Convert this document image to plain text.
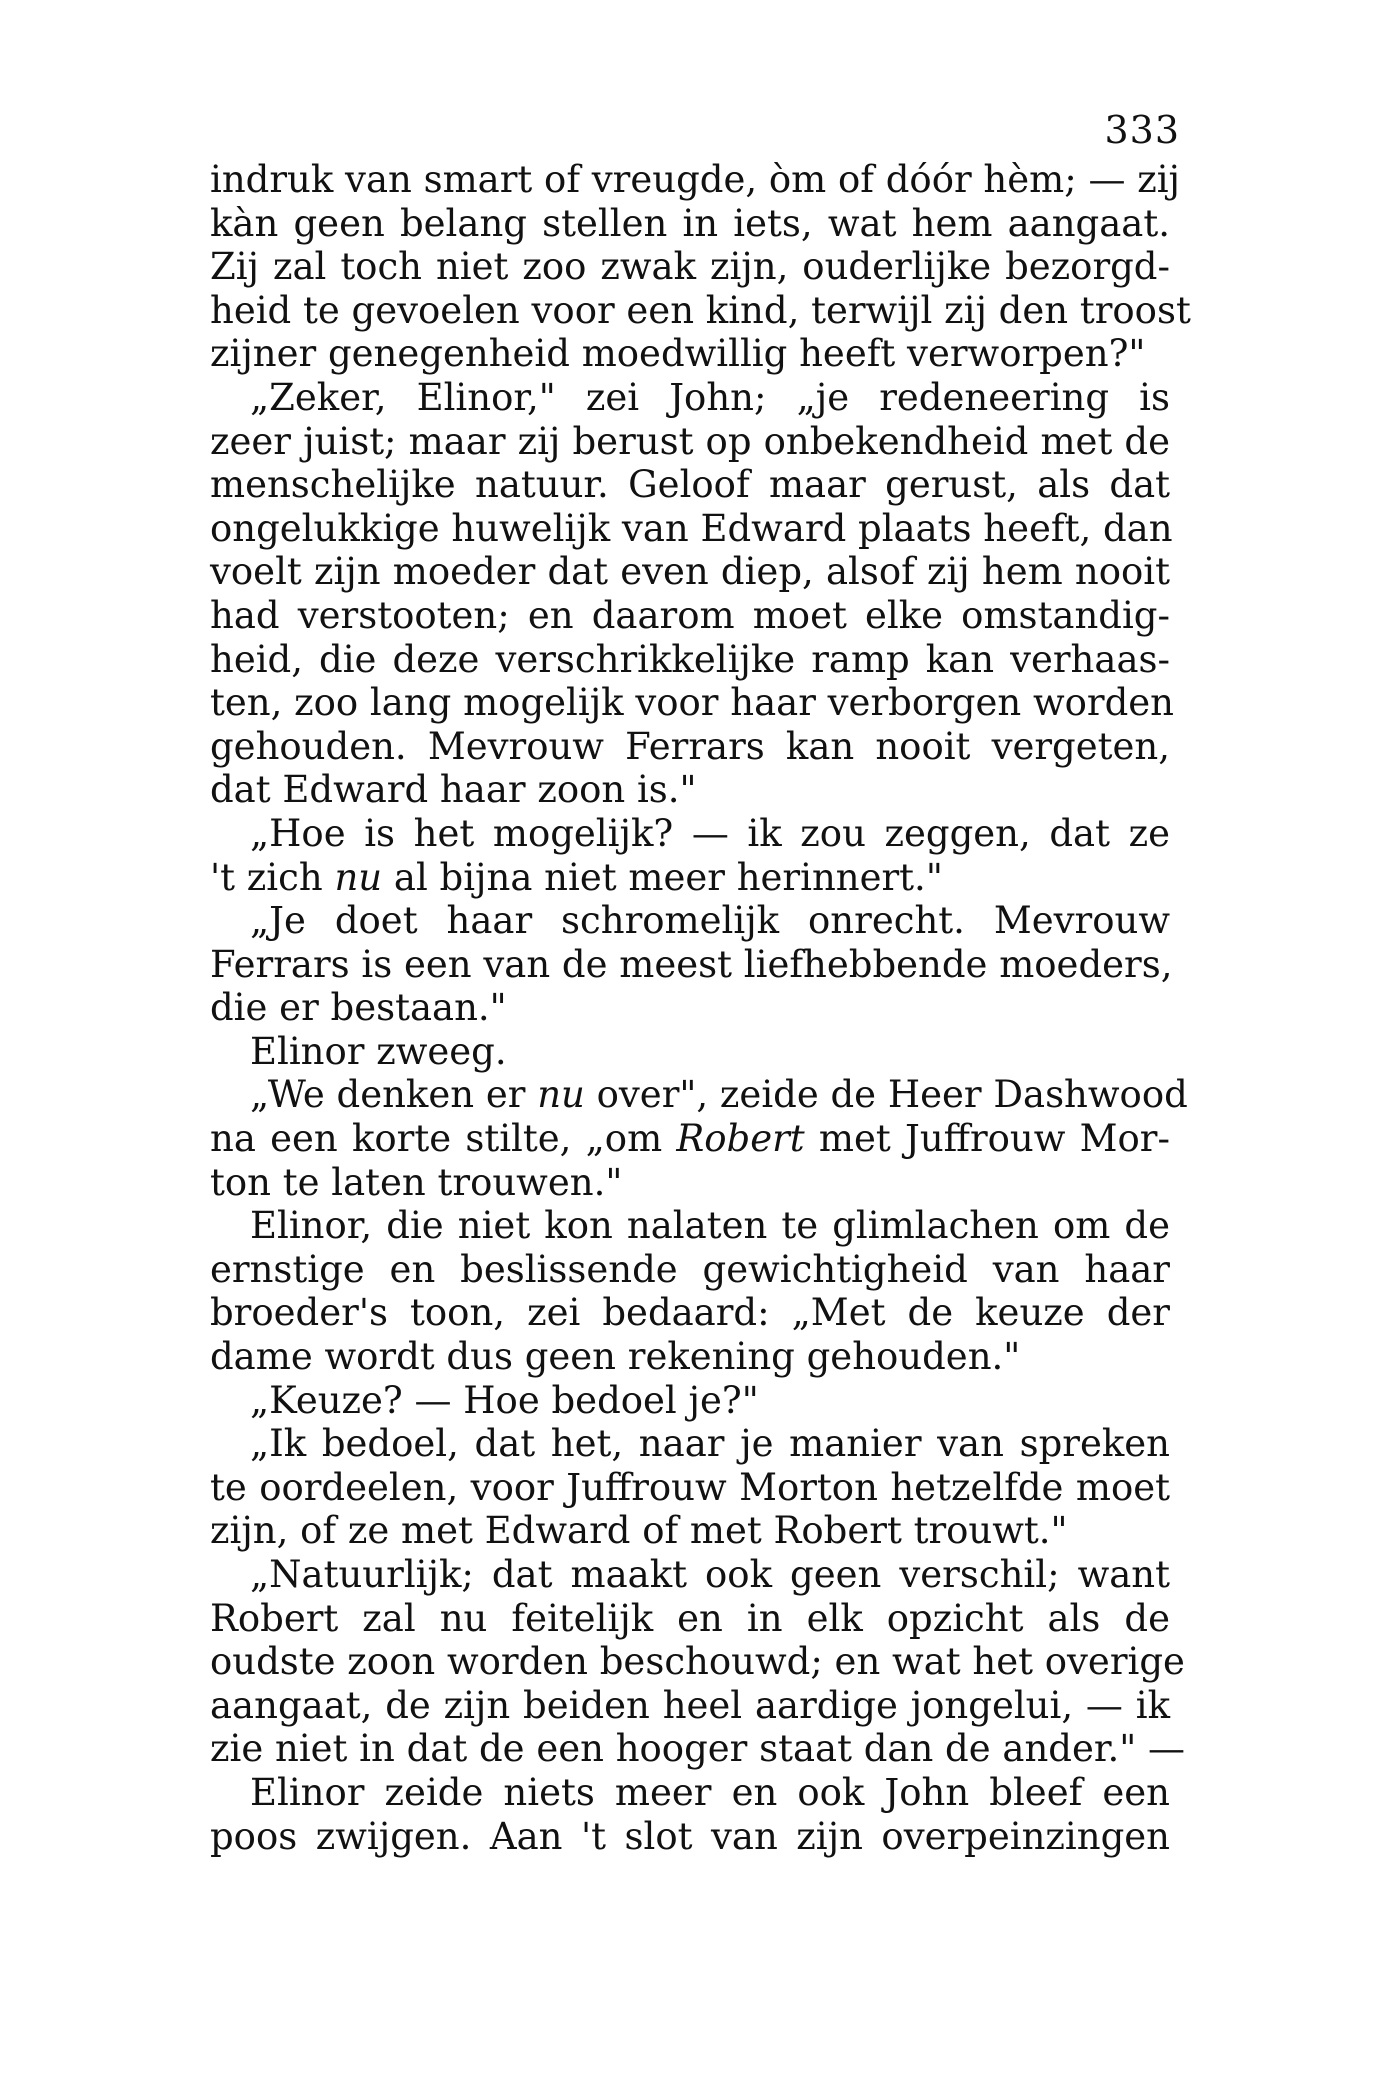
333
indruk van smart of vreugde, òm of dóór hèm; — zij
kàn geen belang stellen in iets, wat hem aangaat.
Zij zal toch niet zoo zwak zijn, ouderlijke bezorgd-
heid te gevoelen voor een kind, terwijl zij den troost
zijner genegenheid moedwillig heeft verworpen?"
„Zeker, Elinor," zei John; „je redeneering is
zeer juist; maar zij berust op onbekendheid met de
menschelijke natuur. Geloof maar gerust, als dat
ongelukkige huwelijk van Edward plaats heeft, dan
voelt zijn moeder dat even diep, alsof zij hem nooit
had verstooten; en daarom moet elke omstandig-
heid, die deze verschrikkelijke ramp kan verhaas-
ten, zoo lang mogelijk voor haar verborgen worden
gehouden. Mevrouw Ferrars kan nooit vergeten,
dat Edward haar zoon is."
„Hoe is het mogelijk? — ik zou zeggen, dat ze
't zich nu al bijna niet meer herinnert."
„Je doet haar schromelijk onrecht. Mevrouw
Ferrars is een van de meest liefhebbende moeders,
die er bestaan."
Elinor zweeg.
„We denken er nu over", zeide de Heer Dashwood
na een korte stilte, „om Robert met Juffrouw Mor-
ton te laten trouwen."
Elinor, die niet kon nalaten te glimlachen om de
ernstige en beslissende gewichtigheid van haar
broeder's toon, zei bedaard: „Met de keuze der
dame wordt dus geen rekening gehouden."
„Keuze? — Hoe bedoel je?"
„Ik bedoel, dat het, naar je manier van spreken
te oordeelen, voor Juffrouw Morton hetzelfde moet
zijn, of ze met Edward of met Robert trouwt."
„Natuurlijk; dat maakt ook geen verschil; want
Robert zal nu feitelijk en in elk opzicht als de
oudste zoon worden beschouwd; en wat het overige
aangaat, de zijn beiden heel aardige jongelui, — ik
zie niet in dat de een hooger staat dan de ander." —
Elinor zeide niets meer en ook John bleef een
poos zwijgen. Aan 't slot van zijn overpeinzingen
